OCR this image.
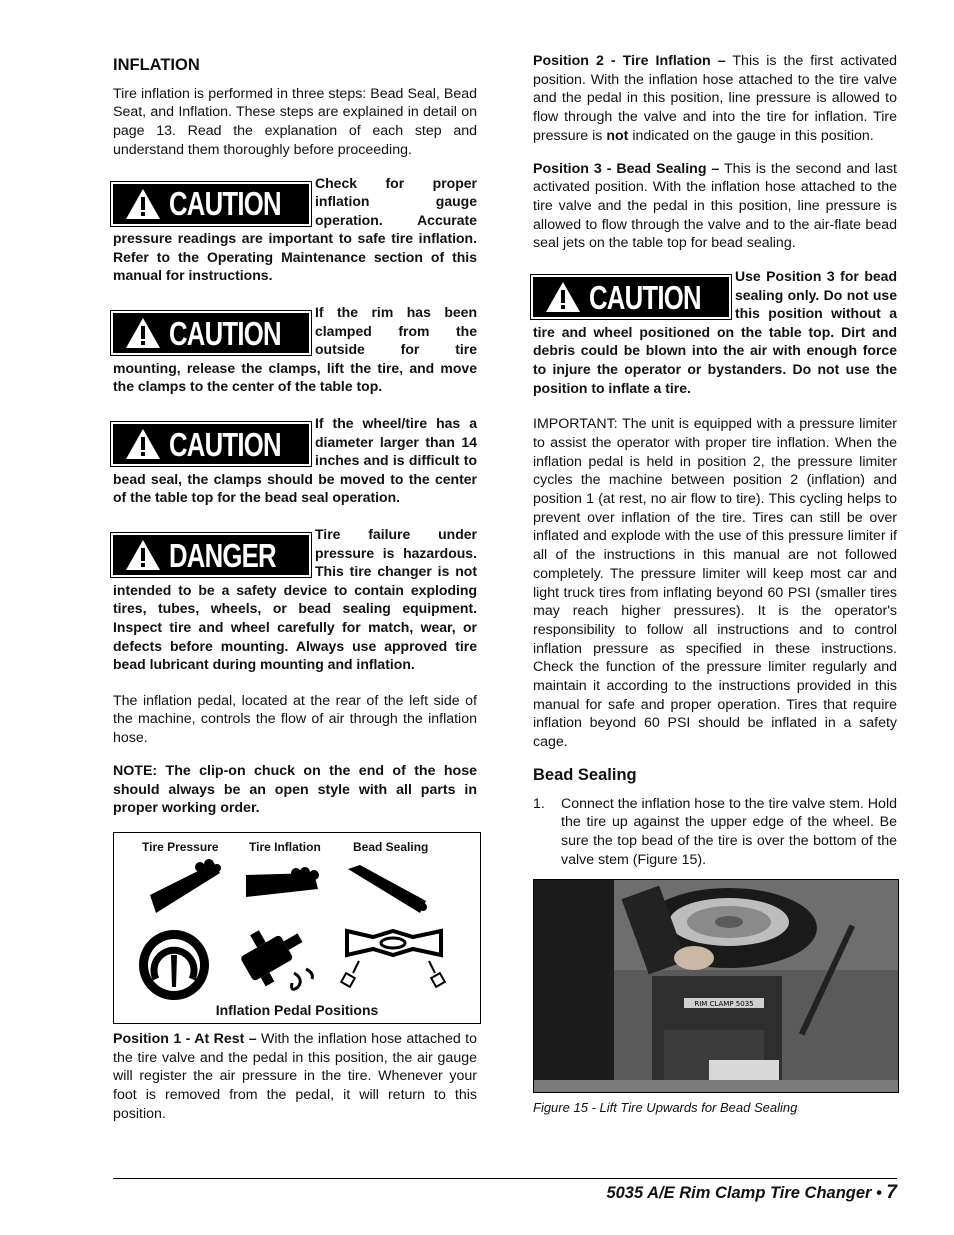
INFLATION

Tire inflation is performed in three steps: Bead Seal, Bead Seat, and Inflation. These steps are explained in detail on page 13. Read the explanation of each step and understand them thoroughly before proceeding.

CAUTION
Check for proper inflation gauge operation. Accurate pressure readings are important to safe tire inflation. Refer to the Operating Maintenance section of this manual for instructions.
CAUTION
If the rim has been clamped from the outside for tire mounting, release the clamps, lift the tire, and move the clamps to the center of the table top.
CAUTION
If the wheel/tire has a diameter larger than 14 inches and is difficult to bead seal, the clamps should be moved to the center of the table top for the bead seal operation.
DANGER
Tire failure under pressure is hazardous. This tire changer is not intended to be a safety device to contain exploding tires, tubes, wheels, or bead sealing equipment. Inspect tire and wheel carefully for match, wear, or defects before mounting. Always use approved tire bead lubricant during mounting and inflation.

The inflation pedal, located at the rear of the left side of the machine, controls the flow of air through the inflation hose.

NOTE: The clip-on chuck on the end of the hose should always be an open style with all parts in proper working order.

Tire Pressure	Tire Inflation	Bead Sealing
Inflation Pedal Positions

Position 1 - At Rest – With the inflation hose attached to the tire valve and the pedal in this position, the air gauge will register the air pressure in the tire. Whenever your foot is removed from the pedal, it will return to this position.

Position 2 - Tire Inflation – This is the first activated position. With the inflation hose attached to the tire valve and the pedal in this position, line pressure is allowed to flow through the valve and into the tire for inflation. Tire pressure is not indicated on the gauge in this position.

Position 3 - Bead Sealing – This is the second and last activated position. With the inflation hose attached to the tire valve and the pedal in this position, line pressure is allowed to flow through the valve and to the air-flate bead seal jets on the table top for bead sealing.

CAUTION
Use Position 3 for bead sealing only. Do not use this position without a tire and wheel positioned on the table top. Dirt and debris could be blown into the air with enough force to injure the operator or bystanders. Do not use the position to inflate a tire.

IMPORTANT: The unit is equipped with a pressure limiter to assist the operator with proper tire inflation. When the inflation pedal is held in position 2, the pressure limiter cycles the machine between position 2 (inflation) and position 1 (at rest, no air flow to tire). This cycling helps to prevent over inflation of the tire. Tires can still be over inflated and explode with the use of this pressure limiter if all of the instructions in this manual are not followed completely. The pressure limiter will keep most car and light truck tires from inflating beyond 60 PSI (smaller tires may reach higher pressures). It is the operator's responsibility to follow all instructions and to control inflation pressure as specified in these instructions. Check the function of the pressure limiter regularly and maintain it according to the instructions provided in this manual for safe and proper operation. Tires that require inflation beyond 60 PSI should be inflated in a safety cage.

Bead Sealing
1. Connect the inflation hose to the tire valve stem. Hold the tire up against the upper edge of the wheel. Be sure the top bead of the tire is over the bottom of the valve stem (Figure 15).
RIM CLAMP 5035
Figure 15 - Lift Tire Upwards for Bead Sealing
5035 A/E Rim Clamp Tire Changer • 7
